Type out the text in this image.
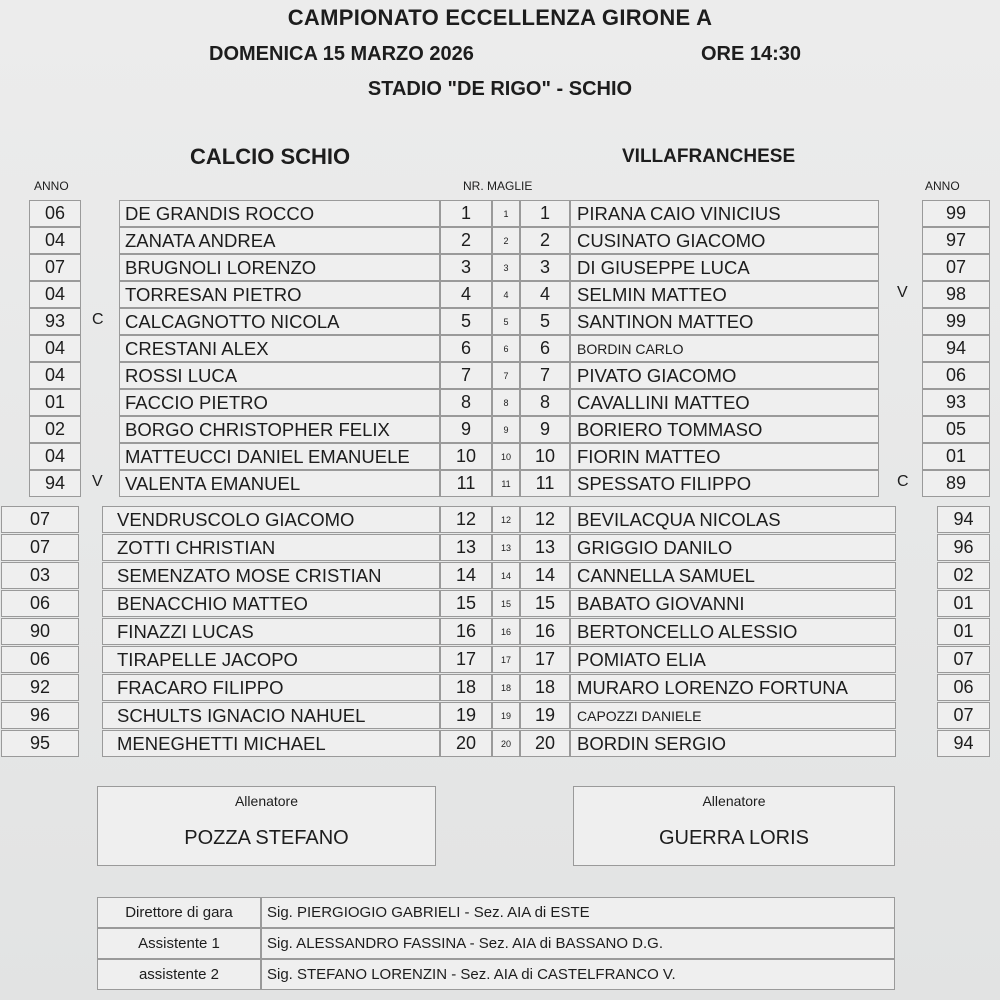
CAMPIONATO ECCELLENZA GIRONE A
DOMENICA 15 MARZO 2026	ORE 14:30
STADIO "DE RIGO" - SCHIO
CALCIO SCHIO	VILLAFRANCHESE
ANNO	NR. MAGLIE	ANNO
06	DE GRANDIS ROCCO	1	1	1	PIRANA CAIO VINICIUS	99
04	ZANATA ANDREA	2	2	2	CUSINATO GIACOMO	97
07	BRUGNOLI LORENZO	3	3	3	DI GIUSEPPE LUCA	07
04	TORRESAN PIETRO	4	4	4	SELMIN MATTEO	V	98
93	C	CALCAGNOTTO NICOLA	5	5	5	SANTINON MATTEO	99
04	CRESTANI ALEX	6	6	6	BORDIN CARLO	94
04	ROSSI LUCA	7	7	7	PIVATO GIACOMO	06
01	FACCIO PIETRO	8	8	8	CAVALLINI MATTEO	93
02	BORGO CHRISTOPHER FELIX	9	9	9	BORIERO TOMMASO	05
04	MATTEUCCI DANIEL EMANUELE	10	10	10	FIORIN MATTEO	01
94	V	VALENTA EMANUEL	11	11	11	SPESSATO FILIPPO	C	89
07	VENDRUSCOLO GIACOMO	12	12	12	BEVILACQUA NICOLAS	94
07	ZOTTI CHRISTIAN	13	13	13	GRIGGIO DANILO	96
03	SEMENZATO MOSE CRISTIAN	14	14	14	CANNELLA SAMUEL	02
06	BENACCHIO MATTEO	15	15	15	BABATO GIOVANNI	01
90	FINAZZI LUCAS	16	16	16	BERTONCELLO ALESSIO	01
06	TIRAPELLE JACOPO	17	17	17	POMIATO ELIA	07
92	FRACARO FILIPPO	18	18	18	MURARO LORENZO FORTUNA	06
96	SCHULTS IGNACIO NAHUEL	19	19	19	CAPOZZI DANIELE	07
95	MENEGHETTI MICHAEL	20	20	20	BORDIN SERGIO	94
Allenatore
POZZA STEFANO
Allenatore
GUERRA LORIS
Direttore di gara	Sig. PIERGIOGIO GABRIELI - Sez. AIA di ESTE
Assistente 1	Sig. ALESSANDRO FASSINA - Sez. AIA di BASSANO D.G.
assistente 2	Sig. STEFANO LORENZIN - Sez. AIA di CASTELFRANCO V.
